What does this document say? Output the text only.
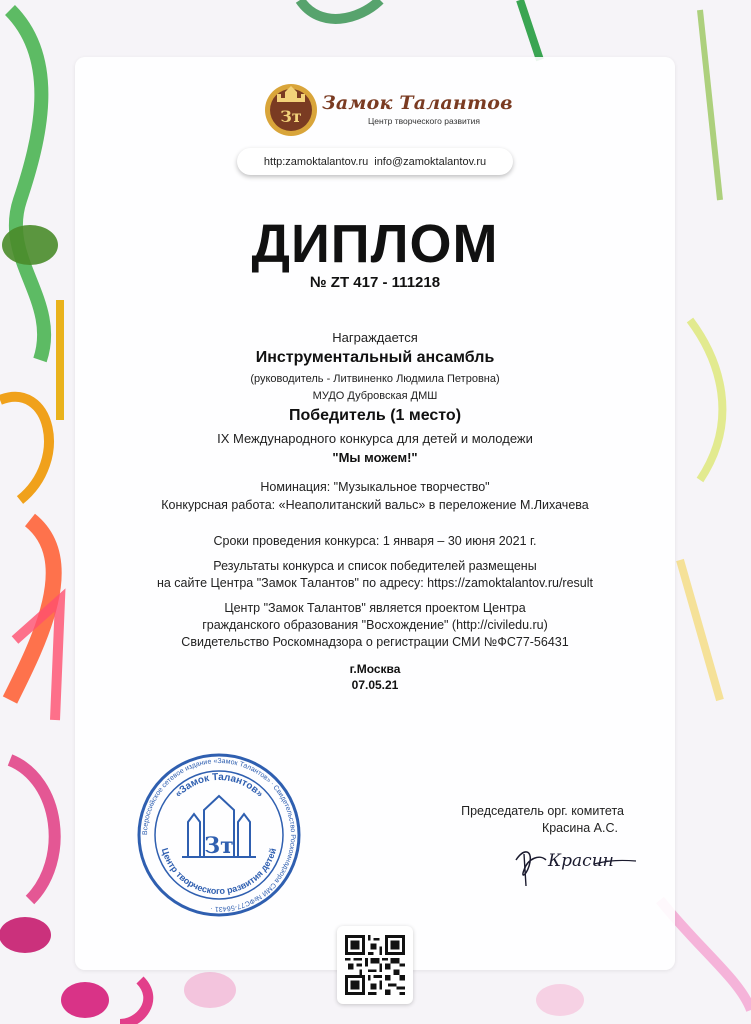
Зт
Замок Талантов
Центр творческого развития
http:zamoktalantov.ru info@zamoktalantov.ru
ДИПЛОМ
№ ZT 417 - 111218
Награждается
Инструментальный ансамбль
(руководитель - Литвиненко Людмила Петровна)
МУДО Дубровская ДМШ
Победитель (1 место)
IX Международного конкурса для детей и молодежи
"Мы можем!"
Номинация: "Музыкальное творчество"
Конкурсная работа: «Неаполитанский вальс» в переложение М.Лихачева
Сроки проведения конкурса: 1 января – 30 июня 2021 г.
Результаты конкурса и список победителей размещены
на сайте Центра "Замок Талантов" по адресу: https://zamoktalantov.ru/result
Центр "Замок Талантов" является проектом Центра
гражданского образования "Восхождение" (http://civiledu.ru)
Свидетельство Роскомнадзора о регистрации СМИ №ФС77-56431
г.Москва
07.05.21
Всероссийское сетевое издание «Замок Талантов» · Свидетельство Роскомнадзора СМИ №ФС77-56431 ·
«Замок Талантов»
Центр творческого развития детей
Зт
Председатель орг. комитета
Красина А.С.
Красин
